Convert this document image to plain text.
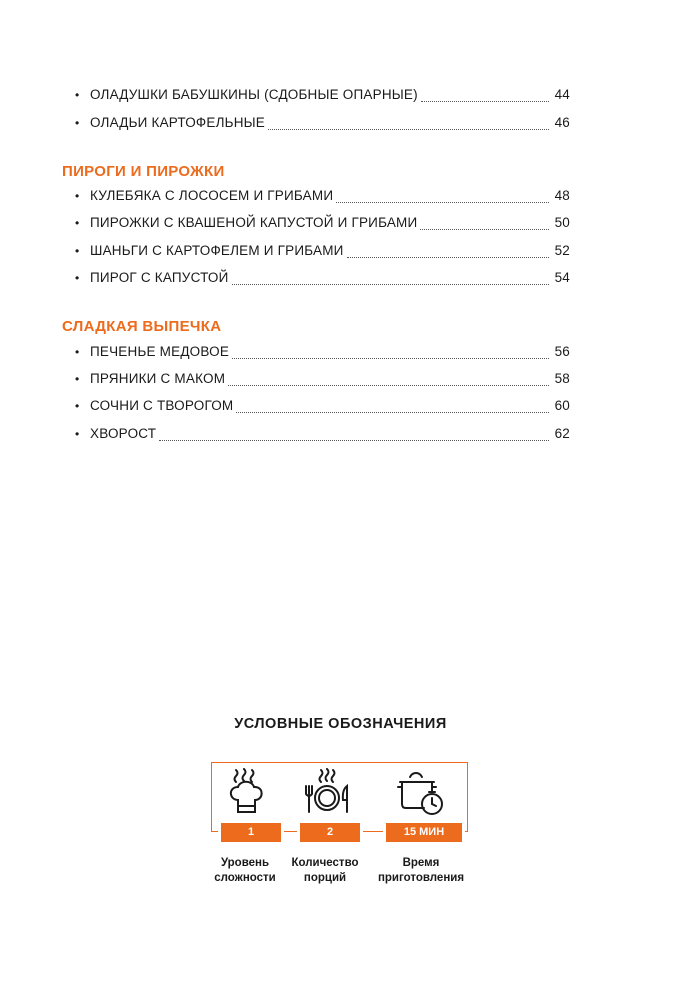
• ОЛАДУШКИ БАБУШКИНЫ (СДОБНЫЕ ОПАРНЫЕ)	44
• ОЛАДЬИ КАРТОФЕЛЬНЫЕ	46
ПИРОГИ И ПИРОЖКИ
• КУЛЕБЯКА С ЛОСОСЕМ И ГРИБАМИ	48
• ПИРОЖКИ С КВАШЕНОЙ КАПУСТОЙ И ГРИБАМИ	50
• ШАНЬГИ С КАРТОФЕЛЕМ И ГРИБАМИ	52
• ПИРОГ С КАПУСТОЙ	54
СЛАДКАЯ ВЫПЕЧКА
• ПЕЧЕНЬЕ МЕДОВОЕ	56
• ПРЯНИКИ С МАКОМ	58
• СОЧНИ С ТВОРОГОМ	60
• ХВОРОСТ	62
УСЛОВНЫЕ ОБОЗНАЧЕНИЯ
1	2	15 МИН
Уровень
сложности
Количество
порций
Время
приготовления
